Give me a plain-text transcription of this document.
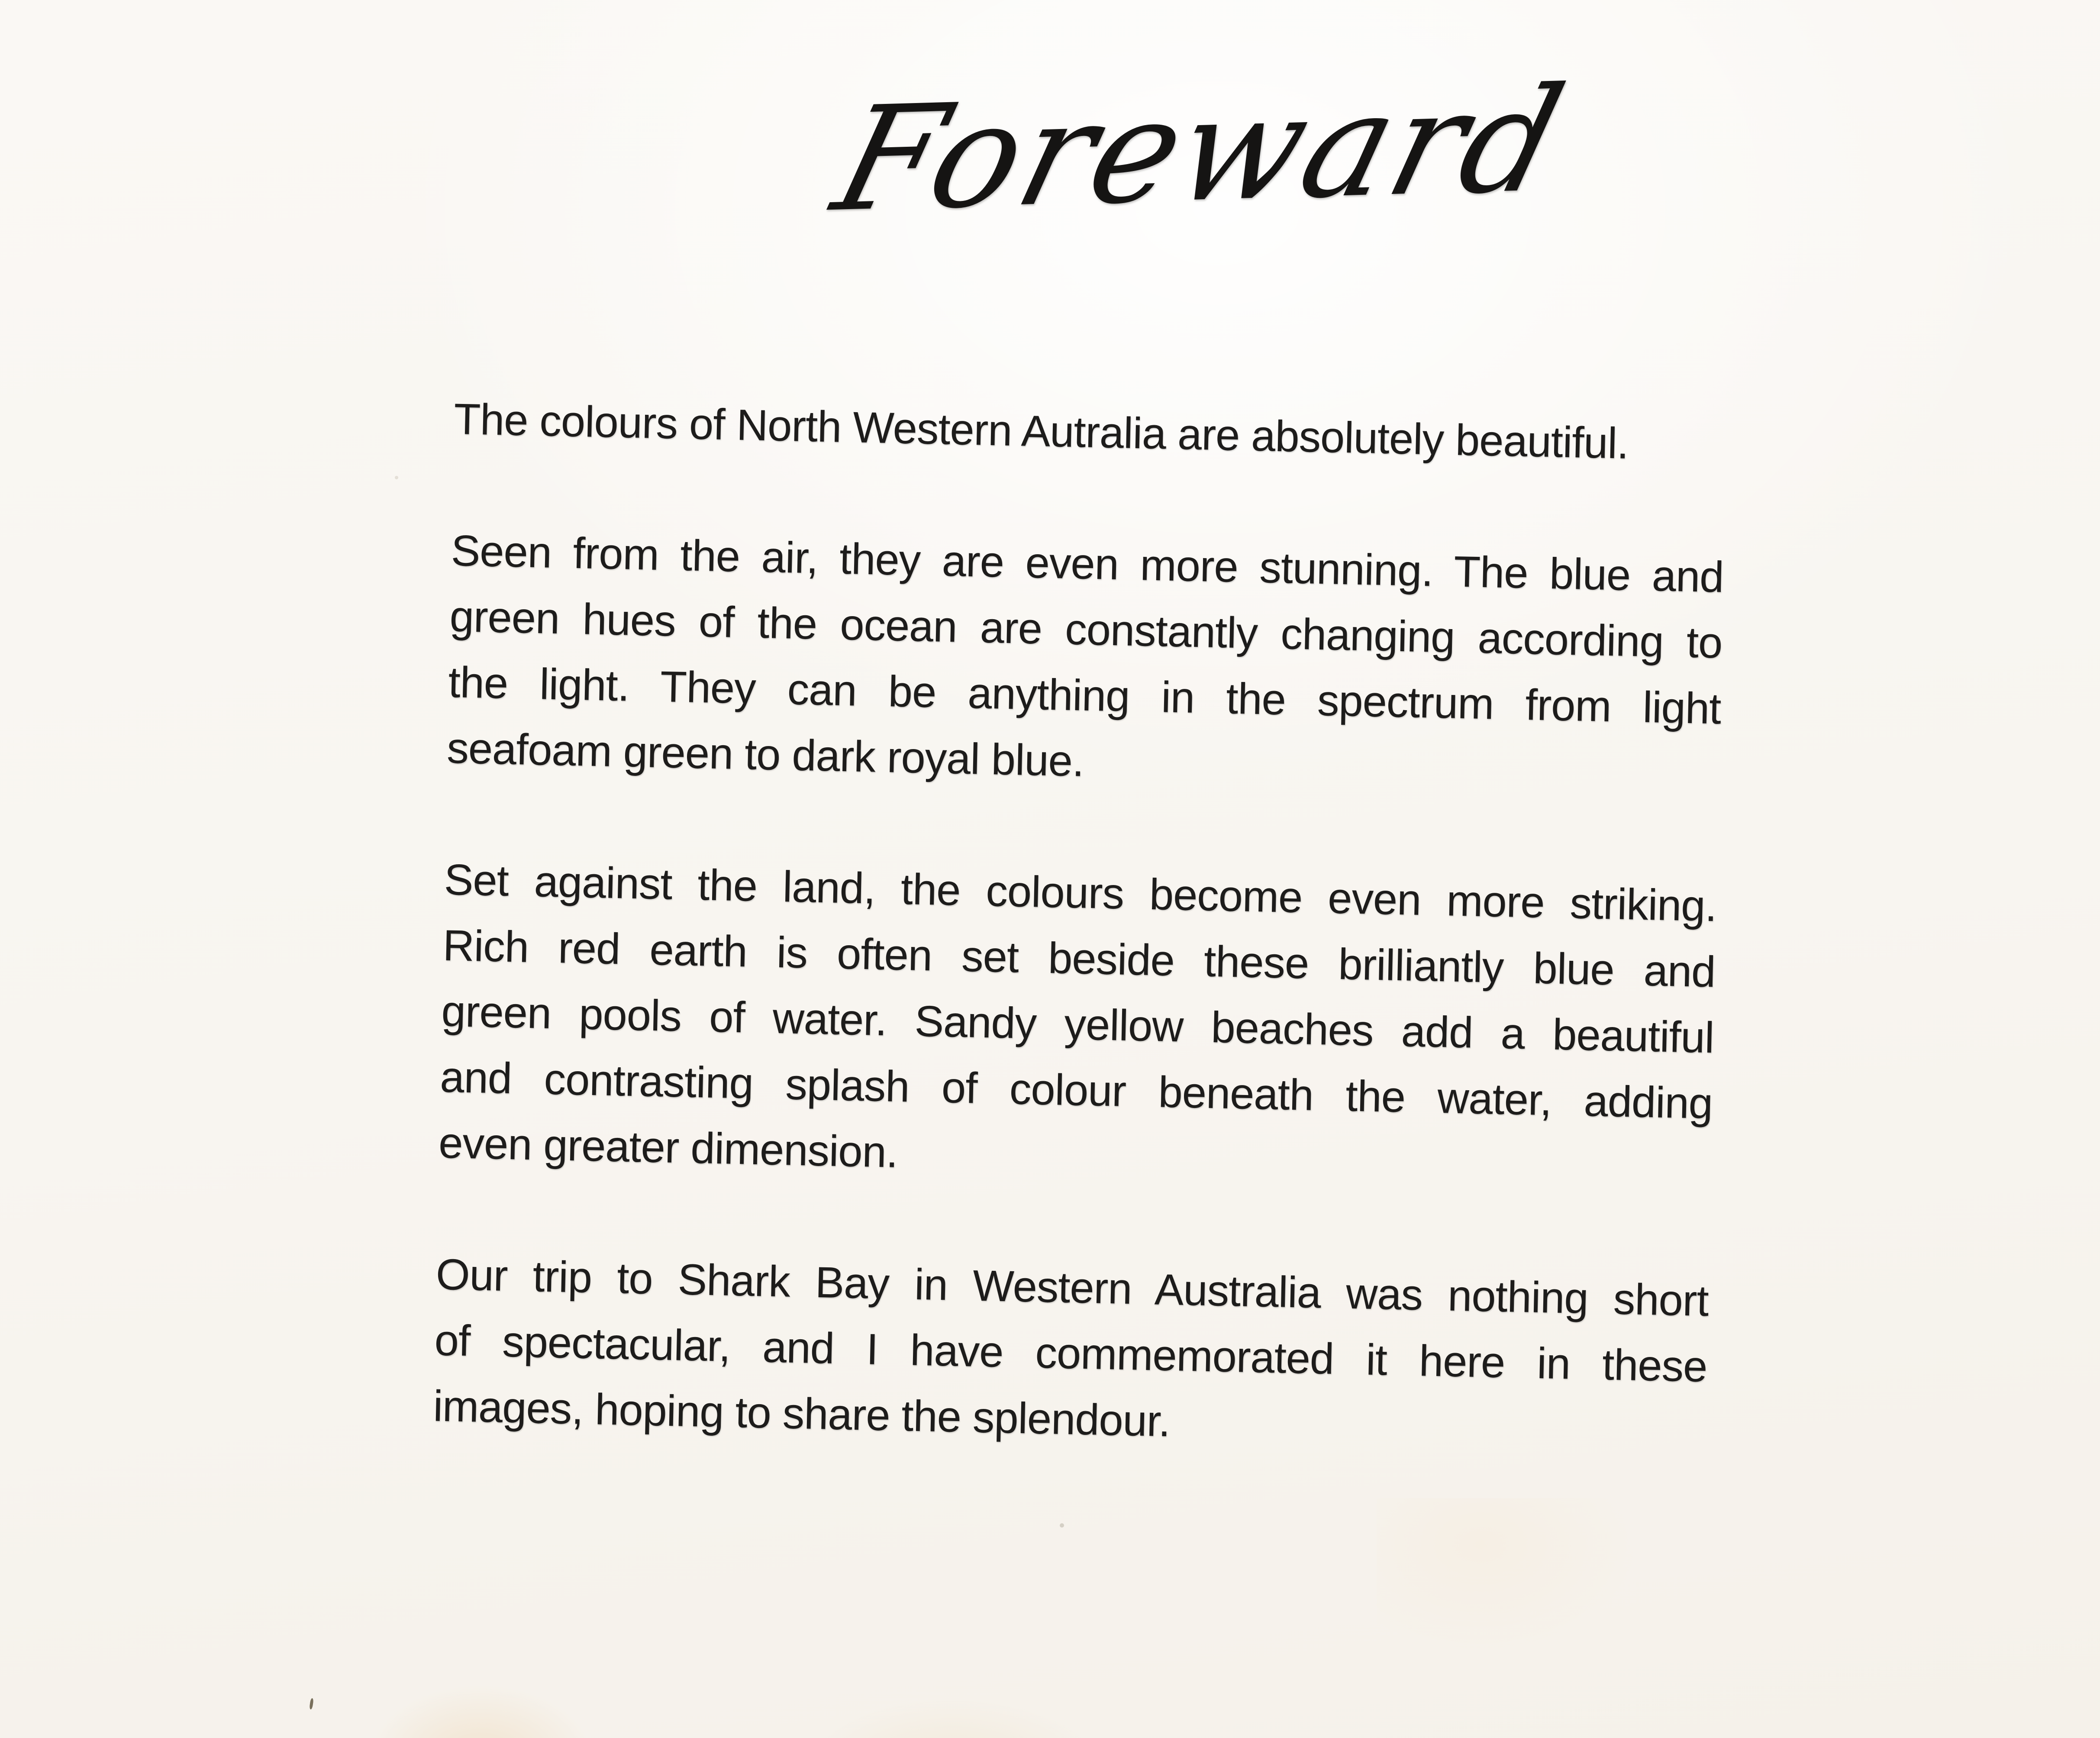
Foreward
The colours of North Western Autralia are absolutely beautiful.
Seen from the air, they are even more stunning. The blue and
green hues of the ocean are constantly changing according to
the light. They can be anything in the spectrum from light
seafoam green to dark royal blue.
Set against the land, the colours become even more striking.
Rich red earth is often set beside these brilliantly blue and
green pools of water. Sandy yellow beaches add a beautiful
and contrasting splash of colour beneath the water, adding
even greater dimension.
Our trip to Shark Bay in Western Australia was nothing short
of spectacular, and I have commemorated it here in these
images, hoping to share the splendour.
